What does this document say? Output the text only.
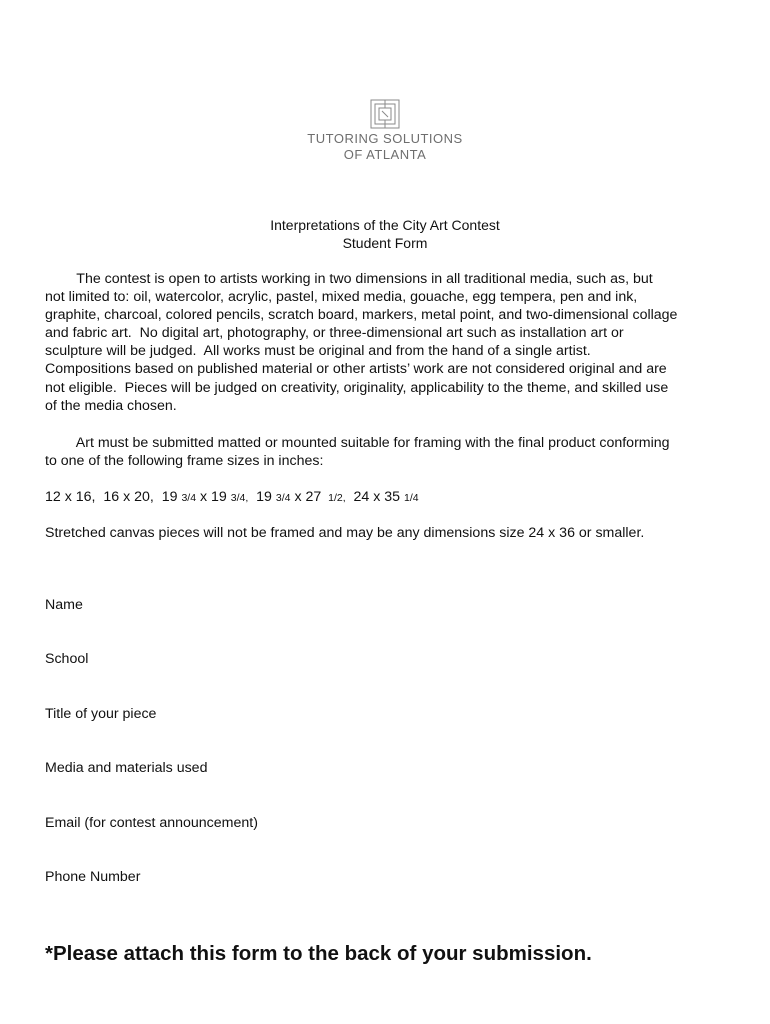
TUTORING SOLUTIONS
OF ATLANTA
Interpretations of the City Art Contest
Student Form
The contest is open to artists working in two dimensions in all traditional media, such as, but
not limited to: oil, watercolor, acrylic, pastel, mixed media, gouache, egg tempera, pen and ink,
graphite, charcoal, colored pencils, scratch board, markers, metal point, and two-dimensional collage
and fabric art.  No digital art, photography, or three-dimensional art such as installation art or
sculpture will be judged.  All works must be original and from the hand of a single artist.
Compositions based on published material or other artists’ work are not considered original and are
not eligible.  Pieces will be judged on creativity, originality, applicability to the theme, and skilled use
of the media chosen.
Art must be submitted matted or mounted suitable for framing with the final product conforming
to one of the following frame sizes in inches:
12 x 16,  16 x 20,  19 3/4 x 19 3/4,  19 3/4 x 27  1/2,  24 x 35 1/4
Stretched canvas pieces will not be framed and may be any dimensions size 24 x 36 or smaller.
Name
School
Title of your piece
Media and materials used
Email (for contest announcement)
Phone Number
*Please attach this form to the back of your submission.
